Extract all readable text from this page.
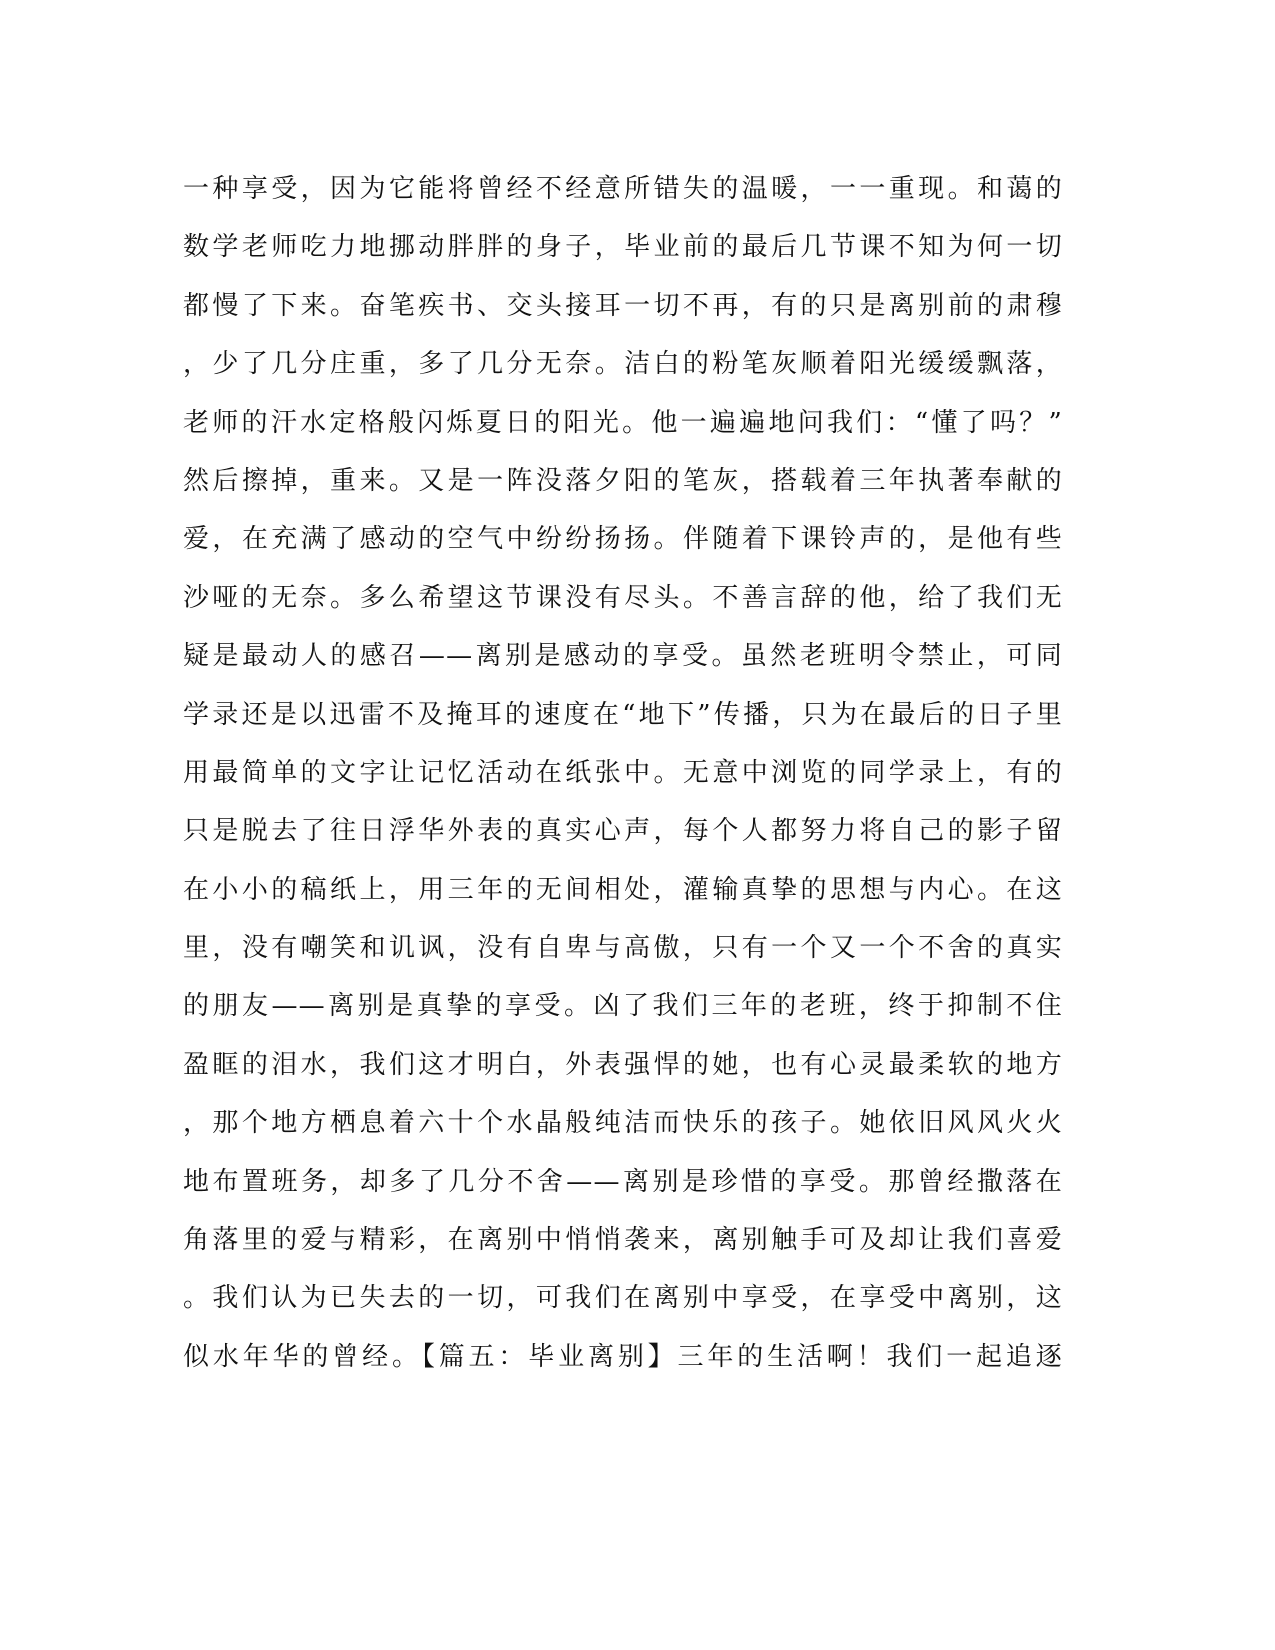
一种享受，因为它能将曾经不经意所错失的温暖，一一重现。和蔼的
数学老师吃力地挪动胖胖的身子，毕业前的最后几节课不知为何一切
都慢了下来。奋笔疾书、交头接耳一切不再，有的只是离别前的肃穆
，少了几分庄重，多了几分无奈。洁白的粉笔灰顺着阳光缓缓飘落，
老师的汗水定格般闪烁夏日的阳光。他一遍遍地问我们：“懂了吗？”
然后擦掉，重来。又是一阵没落夕阳的笔灰，搭载着三年执著奉献的
爱，在充满了感动的空气中纷纷扬扬。伴随着下课铃声的，是他有些
沙哑的无奈。多么希望这节课没有尽头。不善言辞的他，给了我们无
疑是最动人的感召——离别是感动的享受。虽然老班明令禁止，可同
学录还是以迅雷不及掩耳的速度在“地下”传播，只为在最后的日子里
用最简单的文字让记忆活动在纸张中。无意中浏览的同学录上，有的
只是脱去了往日浮华外表的真实心声，每个人都努力将自己的影子留
在小小的稿纸上，用三年的无间相处，灌输真挚的思想与内心。在这
里，没有嘲笑和讥讽，没有自卑与高傲，只有一个又一个不舍的真实
的朋友——离别是真挚的享受。凶了我们三年的老班，终于抑制不住
盈眶的泪水，我们这才明白，外表强悍的她，也有心灵最柔软的地方
，那个地方栖息着六十个水晶般纯洁而快乐的孩子。她依旧风风火火
地布置班务，却多了几分不舍——离别是珍惜的享受。那曾经撒落在
角落里的爱与精彩，在离别中悄悄袭来，离别触手可及却让我们喜爱
。我们认为已失去的一切，可我们在离别中享受，在享受中离别，这
似水年华的曾经。【篇五：毕业离别】三年的生活啊！我们一起追逐
